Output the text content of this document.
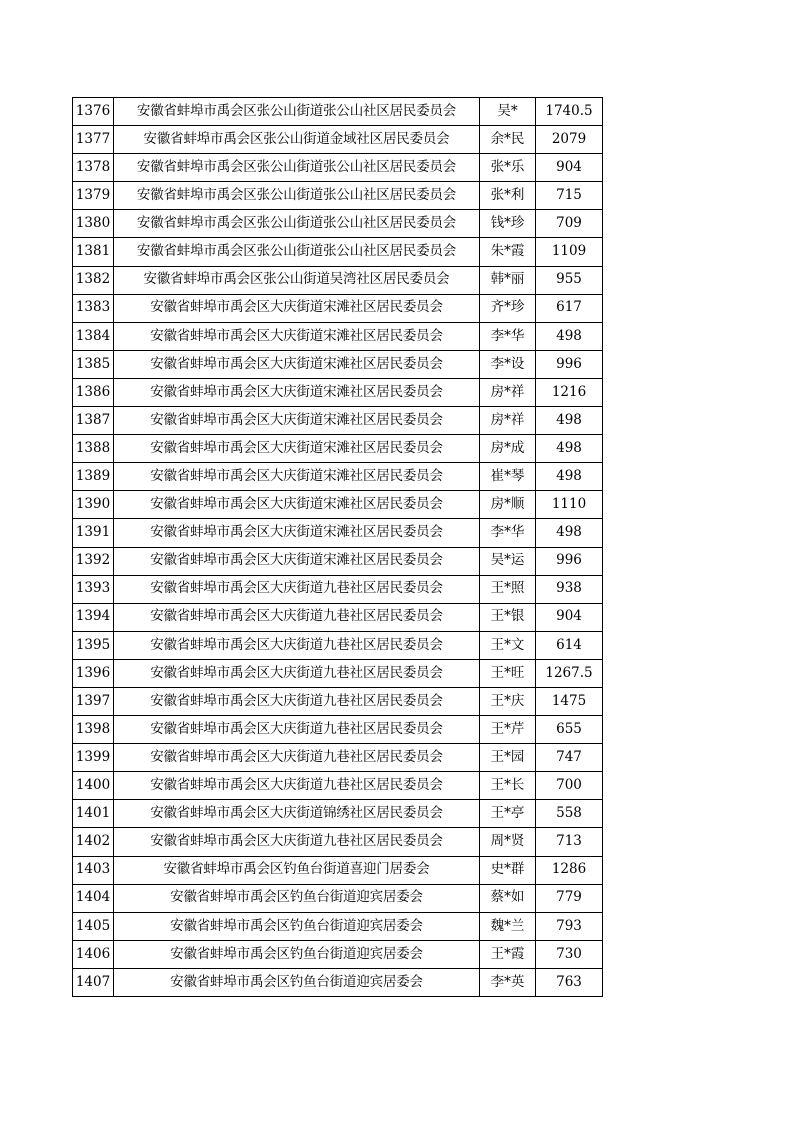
1376	安徽省蚌埠市禹会区张公山街道张公山社区居民委员会	吴*	1740.5
1377	安徽省蚌埠市禹会区张公山街道金域社区居民委员会	余*民	2079
1378	安徽省蚌埠市禹会区张公山街道张公山社区居民委员会	张*乐	904
1379	安徽省蚌埠市禹会区张公山街道张公山社区居民委员会	张*利	715
1380	安徽省蚌埠市禹会区张公山街道张公山社区居民委员会	钱*珍	709
1381	安徽省蚌埠市禹会区张公山街道张公山社区居民委员会	朱*霞	1109
1382	安徽省蚌埠市禹会区张公山街道吴湾社区居民委员会	韩*丽	955
1383	安徽省蚌埠市禹会区大庆街道宋滩社区居民委员会	齐*珍	617
1384	安徽省蚌埠市禹会区大庆街道宋滩社区居民委员会	李*华	498
1385	安徽省蚌埠市禹会区大庆街道宋滩社区居民委员会	李*设	996
1386	安徽省蚌埠市禹会区大庆街道宋滩社区居民委员会	房*祥	1216
1387	安徽省蚌埠市禹会区大庆街道宋滩社区居民委员会	房*祥	498
1388	安徽省蚌埠市禹会区大庆街道宋滩社区居民委员会	房*成	498
1389	安徽省蚌埠市禹会区大庆街道宋滩社区居民委员会	崔*琴	498
1390	安徽省蚌埠市禹会区大庆街道宋滩社区居民委员会	房*顺	1110
1391	安徽省蚌埠市禹会区大庆街道宋滩社区居民委员会	李*华	498
1392	安徽省蚌埠市禹会区大庆街道宋滩社区居民委员会	吴*运	996
1393	安徽省蚌埠市禹会区大庆街道九巷社区居民委员会	王*照	938
1394	安徽省蚌埠市禹会区大庆街道九巷社区居民委员会	王*银	904
1395	安徽省蚌埠市禹会区大庆街道九巷社区居民委员会	王*文	614
1396	安徽省蚌埠市禹会区大庆街道九巷社区居民委员会	王*旺	1267.5
1397	安徽省蚌埠市禹会区大庆街道九巷社区居民委员会	王*庆	1475
1398	安徽省蚌埠市禹会区大庆街道九巷社区居民委员会	王*芹	655
1399	安徽省蚌埠市禹会区大庆街道九巷社区居民委员会	王*园	747
1400	安徽省蚌埠市禹会区大庆街道九巷社区居民委员会	王*长	700
1401	安徽省蚌埠市禹会区大庆街道锦绣社区居民委员会	王*亭	558
1402	安徽省蚌埠市禹会区大庆街道九巷社区居民委员会	周*贤	713
1403	安徽省蚌埠市禹会区钓鱼台街道喜迎门居委会	史*群	1286
1404	安徽省蚌埠市禹会区钓鱼台街道迎宾居委会	蔡*如	779
1405	安徽省蚌埠市禹会区钓鱼台街道迎宾居委会	魏*兰	793
1406	安徽省蚌埠市禹会区钓鱼台街道迎宾居委会	王*霞	730
1407	安徽省蚌埠市禹会区钓鱼台街道迎宾居委会	李*英	763
